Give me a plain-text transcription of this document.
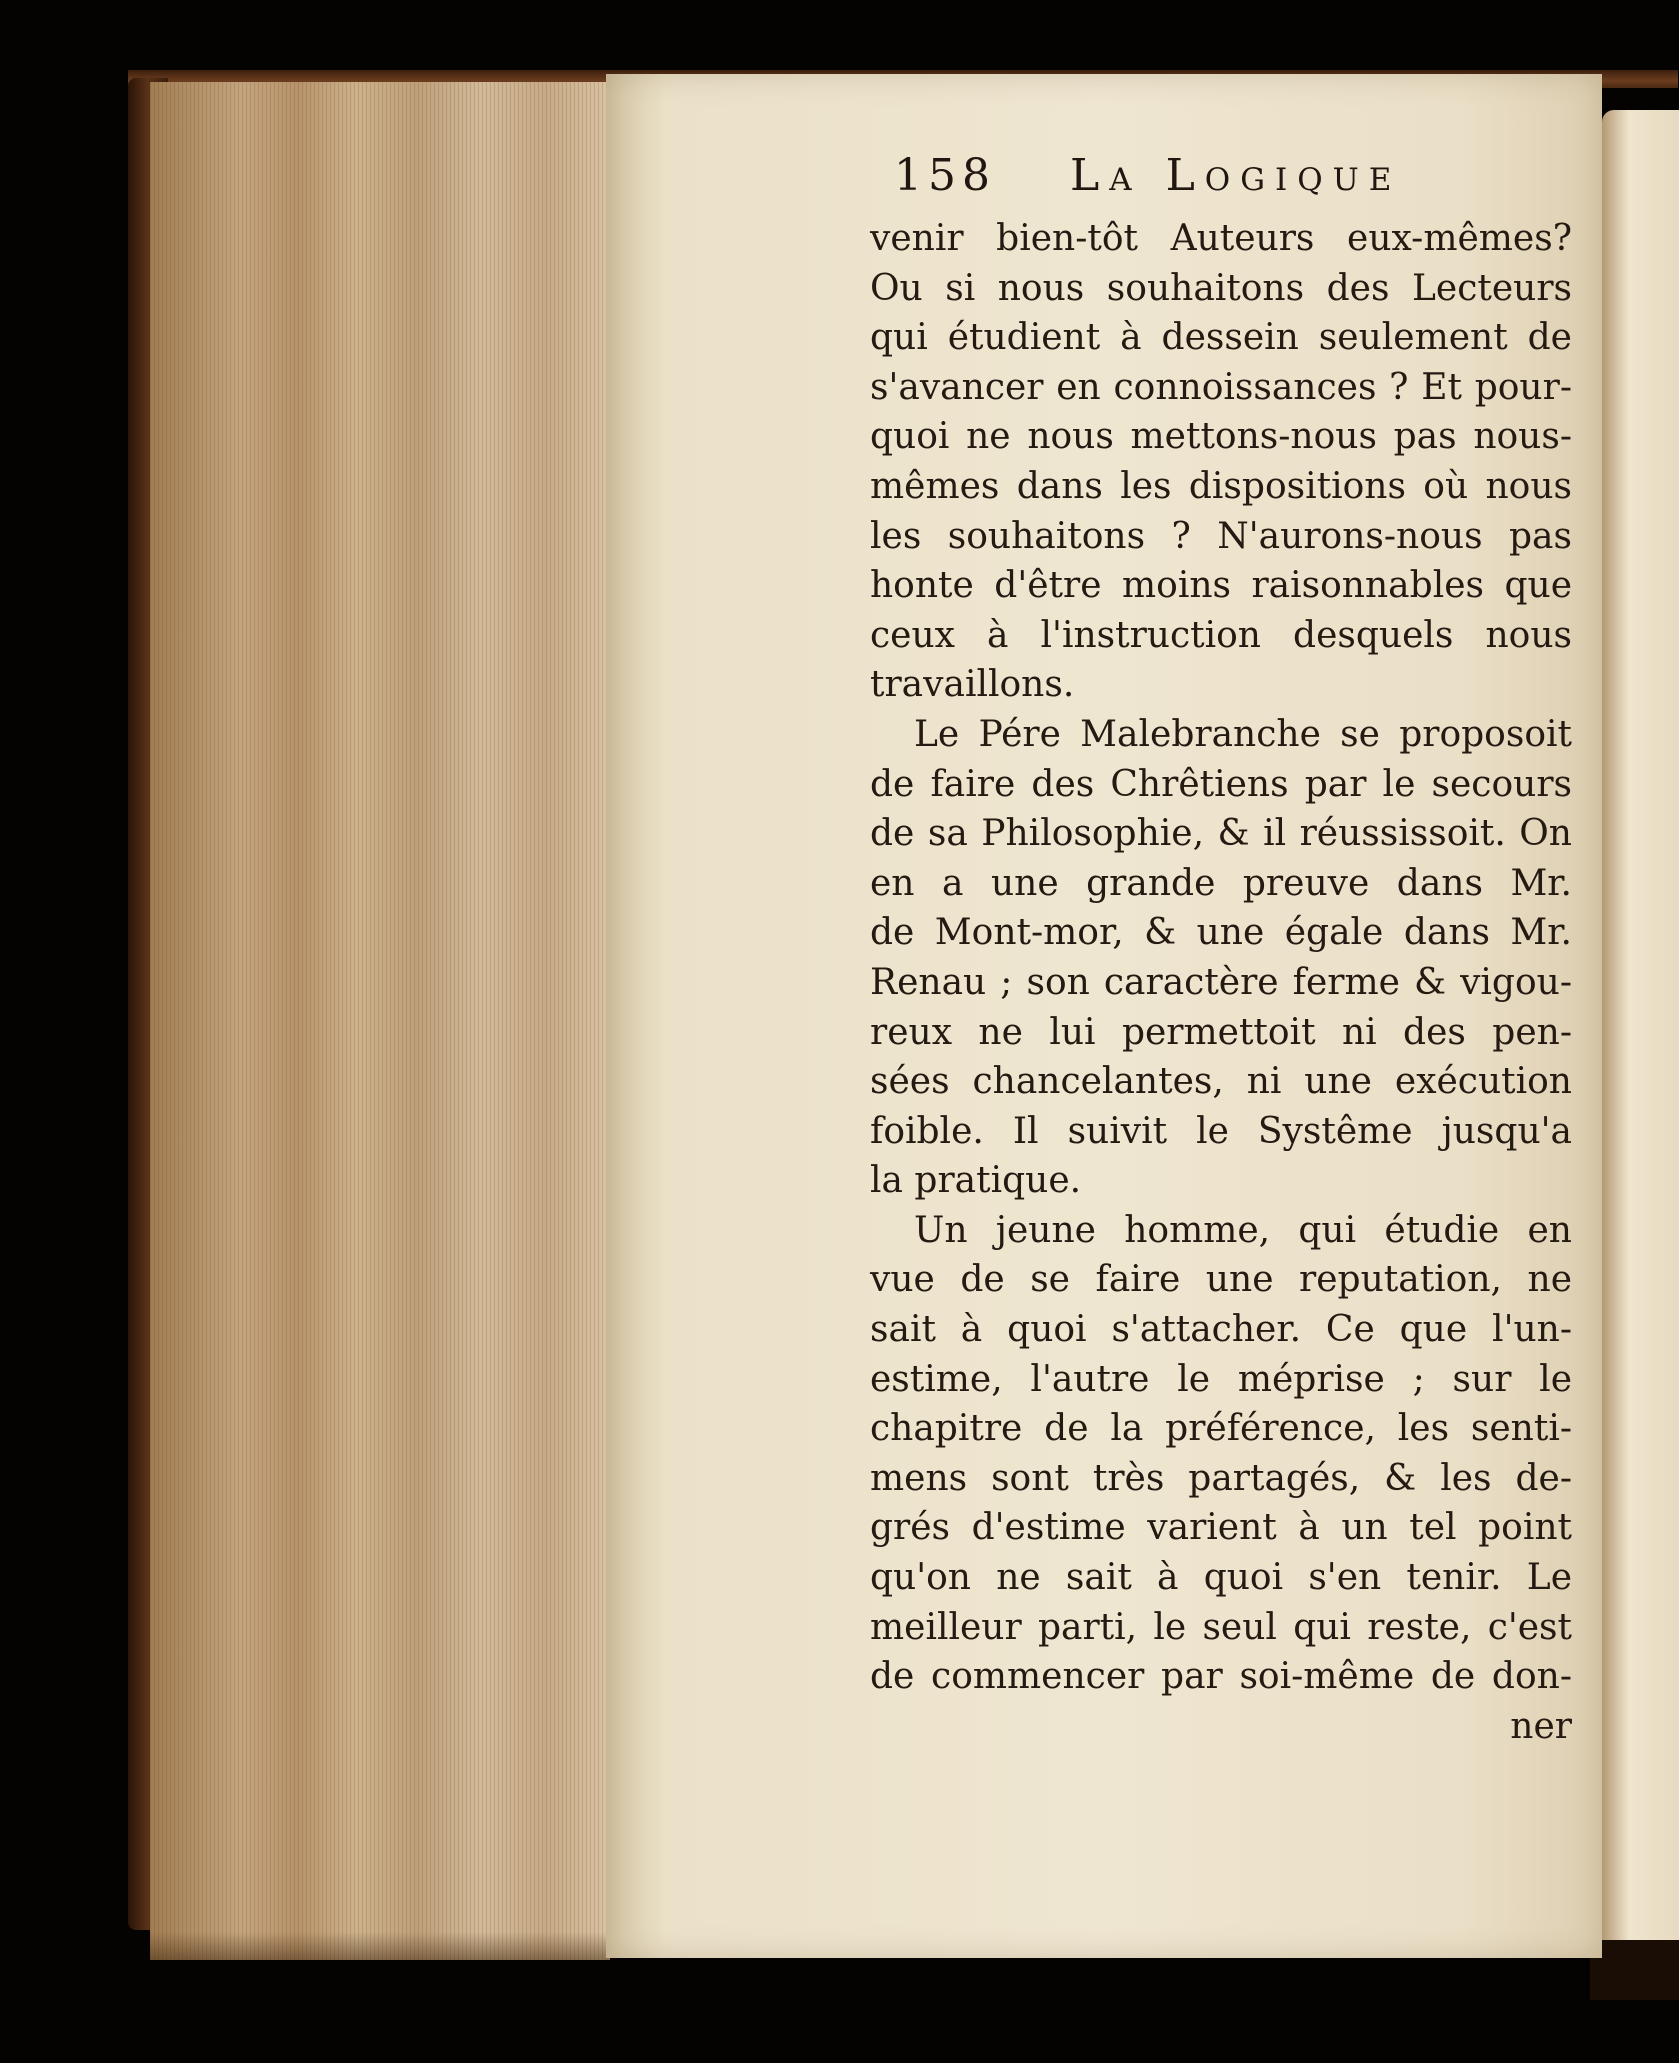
158 La Logique
venir bien-tôt Auteurs eux-mêmes?
Ou si nous souhaitons des Lecteurs
qui étudient à dessein seulement de
s'avancer en connoissances ? Et pour-
quoi ne nous mettons-nous pas nous-
mêmes dans les dispositions où nous
les souhaitons ? N'aurons-nous pas
honte d'être moins raisonnables que
ceux à l'instruction desquels nous
travaillons.
Le Pére Malebranche se proposoit
de faire des Chrêtiens par le secours
de sa Philosophie, & il réussissoit. On
en a une grande preuve dans Mr.
de Mont-mor, & une égale dans Mr.
Renau ; son caractère ferme & vigou-
reux ne lui permettoit ni des pen-
sées chancelantes, ni une exécution
foible. Il suivit le Systême jusqu'a
la pratique.
Un jeune homme, qui étudie en
vue de se faire une reputation, ne
sait à quoi s'attacher. Ce que l'un-
estime, l'autre le méprise ; sur le
chapitre de la préférence, les senti-
mens sont très partagés, & les de-
grés d'estime varient à un tel point
qu'on ne sait à quoi s'en tenir. Le
meilleur parti, le seul qui reste, c'est
de commencer par soi-même de don-
ner
